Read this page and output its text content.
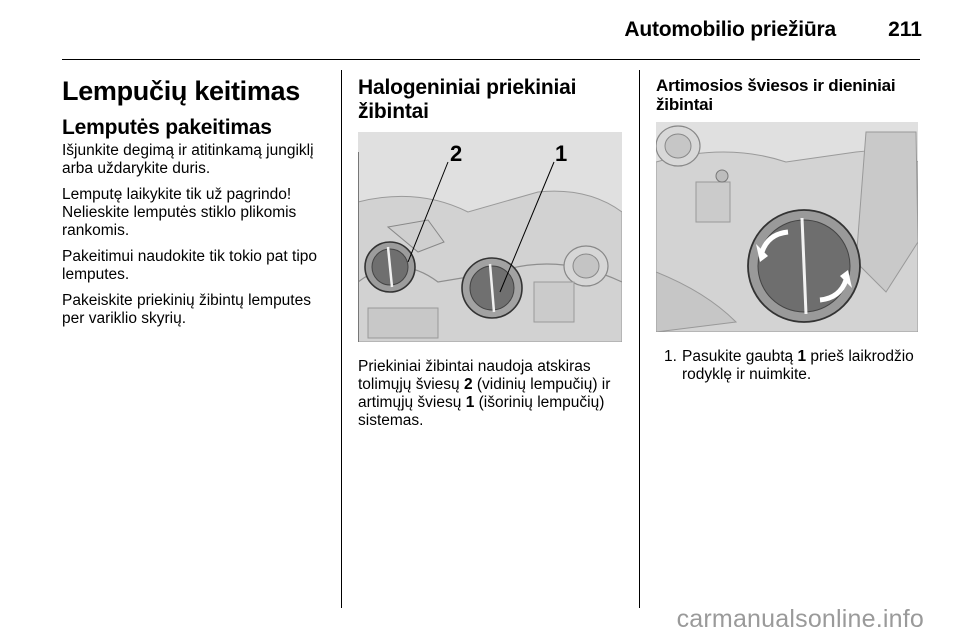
Automobilio priežiūra 211
Lempučių keitimas
Lemputės pakeitimas

Išjunkite degimą ir atitinkamą jungiklį arba uždarykite duris.

Lemputę laikykite tik už pagrindo! Nelieskite lemputės stiklo plikomis rankomis.

Pakeitimui naudokite tik tokio pat tipo lemputes.

Pakeiskite priekinių žibintų lemputes per variklio skyrių.

Halogeniniai priekiniai žibintai
2	1

Priekiniai žibintai naudoja atskiras tolimųjų šviesų 2 (vidinių lempučių) ir artimųjų šviesų 1 (išorinių lempučių) sistemas.

Artimosios šviesos ir dieniniai žibintai
1. Pasukite gaubtą 1 prieš laikrodžio rodyklę ir nuimkite.
carmanualsonline.info
